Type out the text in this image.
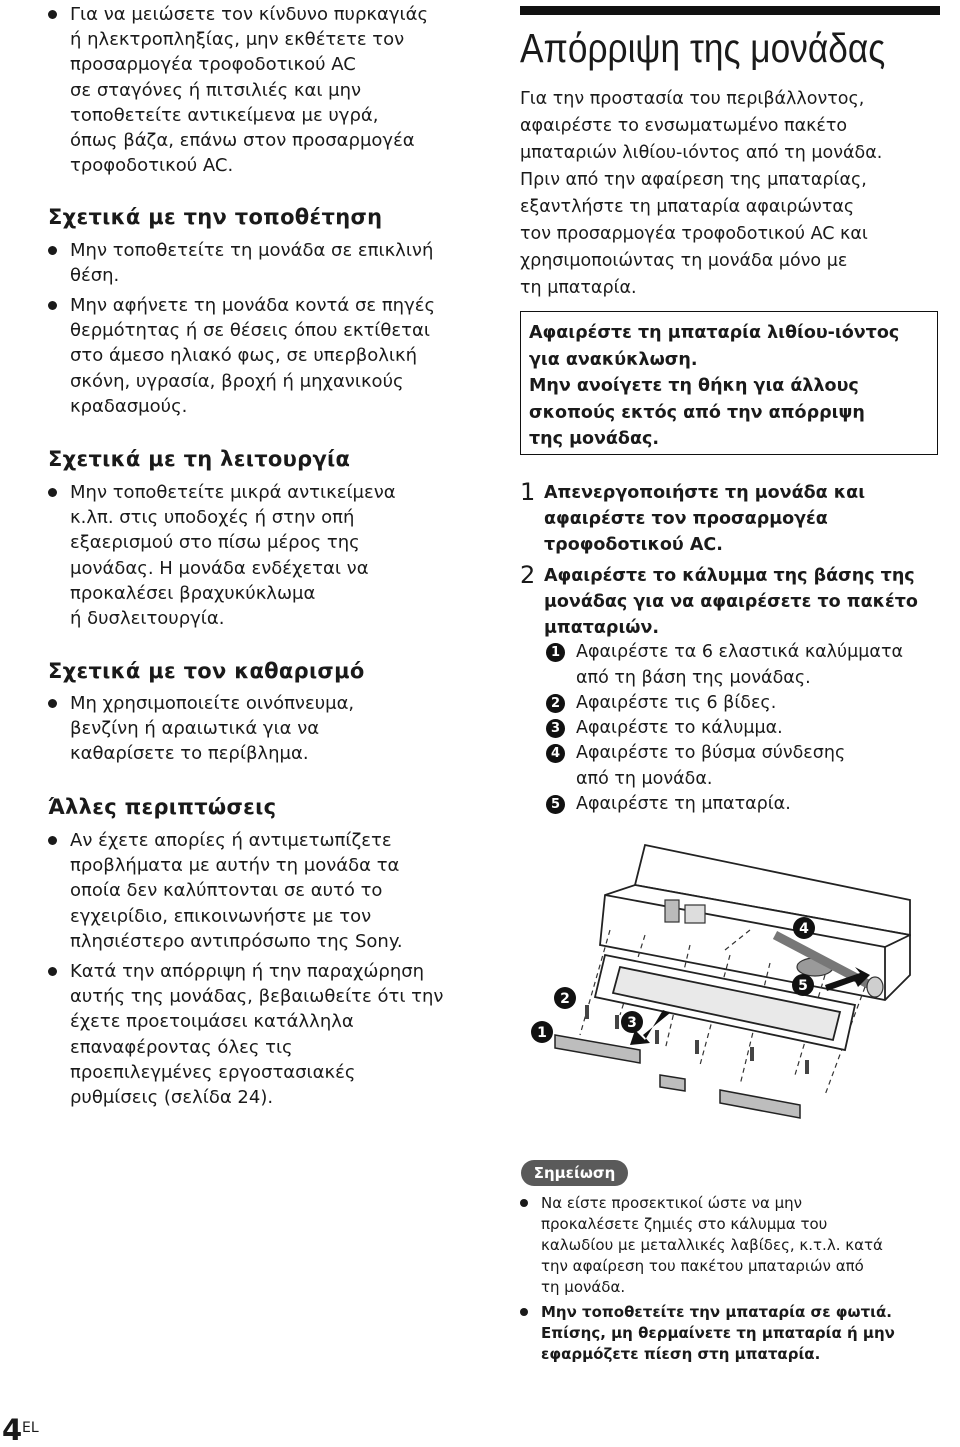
Για να μειώσετε τον κίνδυνο πυρκαγιάς
ή ηλεκτροπληξίας, μην εκθέτετε τον
προσαρμογέα τροφοδοτικού AC
σε σταγόνες ή πιτσιλιές και μην
τοποθετείτε αντικείμενα με υγρά,
όπως βάζα, επάνω στον προσαρμογέα
τροφοδοτικού AC.
Σχετικά με την τοποθέτηση
Μην τοποθετείτε τη μονάδα σε επικλινή
θέση.
Μην αφήνετε τη μονάδα κοντά σε πηγές
θερμότητας ή σε θέσεις όπου εκτίθεται
στο άμεσο ηλιακό φως, σε υπερβολική
σκόνη, υγρασία, βροχή ή μηχανικούς
κραδασμούς.
Σχετικά με τη λειτουργία
Μην τοποθετείτε μικρά αντικείμενα
κ.λπ. στις υποδοχές ή στην οπή
εξαερισμού στο πίσω μέρος της
μονάδας. Η μονάδα ενδέχεται να
προκαλέσει βραχυκύκλωμα
ή δυσλειτουργία.
Σχετικά με τον καθαρισμό
Μη χρησιμοποιείτε οινόπνευμα,
βενζίνη ή αραιωτικά για να
καθαρίσετε το περίβλημα.
Άλλες περιπτώσεις
Αν έχετε απορίες ή αντιμετωπίζετε
προβλήματα με αυτήν τη μονάδα τα
οποία δεν καλύπτονται σε αυτό το
εγχειρίδιο, επικοινωνήστε με τον
πλησιέστερο αντιπρόσωπο της Sony.
Κατά την απόρριψη ή την παραχώρηση
αυτής της μονάδας, βεβαιωθείτε ότι την
έχετε προετοιμάσει κατάλληλα
επαναφέροντας όλες τις
προεπιλεγμένες εργοστασιακές
ρυθμίσεις (σελίδα 24).
Απόρριψη της μονάδας
Για την προστασία του περιβάλλοντος,
αφαιρέστε το ενσωματωμένο πακέτο
μπαταριών λιθίου-ιόντος από τη μονάδα.
Πριν από την αφαίρεση της μπαταρίας,
εξαντλήστε τη μπαταρία αφαιρώντας
τον προσαρμογέα τροφοδοτικού AC και
χρησιμοποιώντας τη μονάδα μόνο με
τη μπαταρία.
Αφαιρέστε τη μπαταρία λιθίου-ιόντος
για ανακύκλωση.
Μην ανοίγετε τη θήκη για άλλους
σκοπούς εκτός από την απόρριψη
της μονάδας.
1 Απενεργοποιήστε τη μονάδα και
αφαιρέστε τον προσαρμογέα
τροφοδοτικού AC.
2 Αφαιρέστε το κάλυμμα της βάσης της
μονάδας για να αφαιρέσετε το πακέτο
μπαταριών.
1 Αφαιρέστε τα 6 ελαστικά καλύμματα
από τη βάση της μονάδας.
2 Αφαιρέστε τις 6 βίδες.
3 Αφαιρέστε το κάλυμμα.
4 Αφαιρέστε το βύσμα σύνδεσης
από τη μονάδα.
5 Αφαιρέστε τη μπαταρία.
1
2
3
4
5
Σημείωση
Να είστε προσεκτικοί ώστε να μην
προκαλέσετε ζημιές στο κάλυμμα του
καλωδίου με μεταλλικές λαβίδες, κ.τ.λ. κατά
την αφαίρεση του πακέτου μπαταριών από
τη μονάδα.
Μην τοποθετείτε την μπαταρία σε φωτιά.
Επίσης, μη θερμαίνετε τη μπαταρία ή μην
εφαρμόζετε πίεση στη μπαταρία.
4 EL
